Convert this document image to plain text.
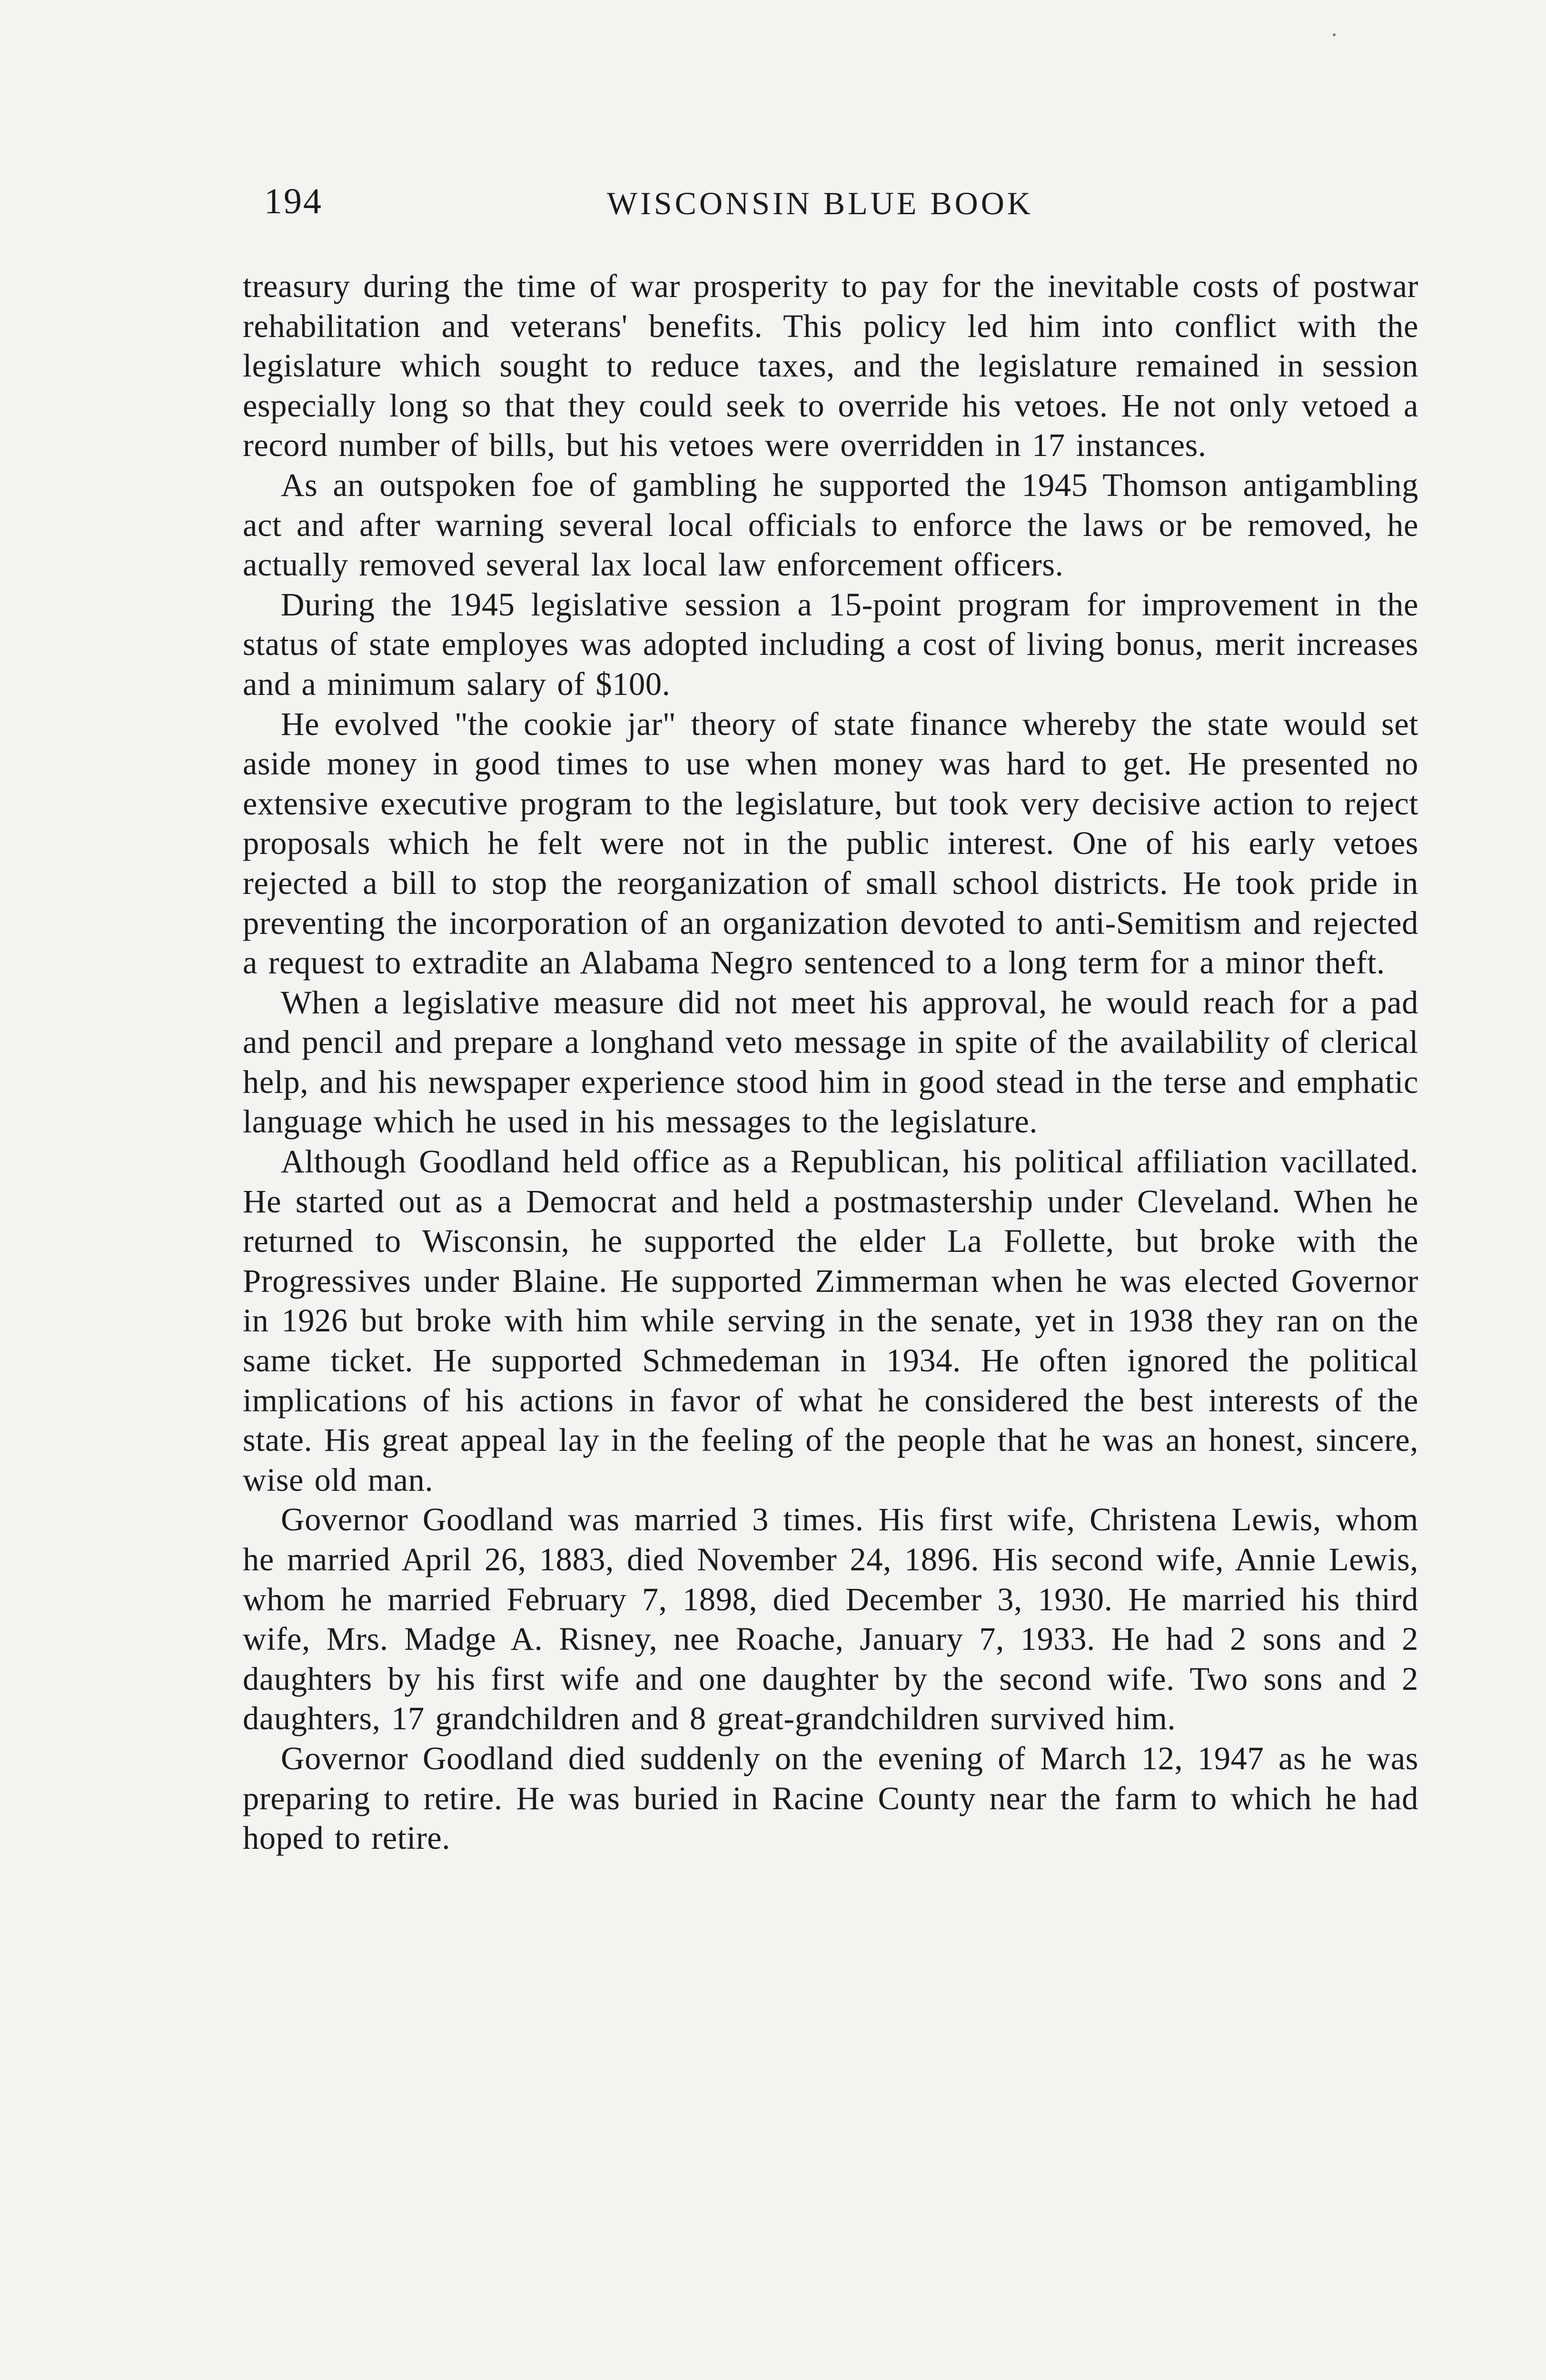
194	WISCONSIN BLUE BOOK

treasury during the time of war prosperity to pay for the inevitable costs of postwar rehabilitation and veterans' benefits. This policy led him into conflict with the legislature which sought to reduce taxes, and the legislature remained in session especially long so that they could seek to override his vetoes. He not only vetoed a record number of bills, but his vetoes were overridden in 17 instances.

As an outspoken foe of gambling he supported the 1945 Thomson antigambling act and after warning several local officials to enforce the laws or be removed, he actually removed several lax local law enforcement officers.

During the 1945 legislative session a 15-point program for improvement in the status of state employes was adopted including a cost of living bonus, merit increases and a minimum salary of $100.

He evolved "the cookie jar" theory of state finance whereby the state would set aside money in good times to use when money was hard to get. He presented no extensive executive program to the legislature, but took very decisive action to reject proposals which he felt were not in the public interest. One of his early vetoes rejected a bill to stop the reorganization of small school districts. He took pride in preventing the incorporation of an organization devoted to anti-Semitism and rejected a request to extradite an Alabama Negro sentenced to a long term for a minor theft.

When a legislative measure did not meet his approval, he would reach for a pad and pencil and prepare a longhand veto message in spite of the availability of clerical help, and his newspaper experience stood him in good stead in the terse and emphatic language which he used in his messages to the legislature.

Although Goodland held office as a Republican, his political affiliation vacillated. He started out as a Democrat and held a postmastership under Cleveland. When he returned to Wisconsin, he supported the elder La Follette, but broke with the Progressives under Blaine. He supported Zimmerman when he was elected Governor in 1926 but broke with him while serving in the senate, yet in 1938 they ran on the same ticket. He supported Schmedeman in 1934. He often ignored the political implications of his actions in favor of what he considered the best interests of the state. His great appeal lay in the feeling of the people that he was an honest, sincere, wise old man.

Governor Goodland was married 3 times. His first wife, Christena Lewis, whom he married April 26, 1883, died November 24, 1896. His second wife, Annie Lewis, whom he married February 7, 1898, died December 3, 1930. He married his third wife, Mrs. Madge A. Risney, nee Roache, January 7, 1933. He had 2 sons and 2 daughters by his first wife and one daughter by the second wife. Two sons and 2 daughters, 17 grandchildren and 8 great-grandchildren survived him.

Governor Goodland died suddenly on the evening of March 12, 1947 as he was preparing to retire. He was buried in Racine County near the farm to which he had hoped to retire.
